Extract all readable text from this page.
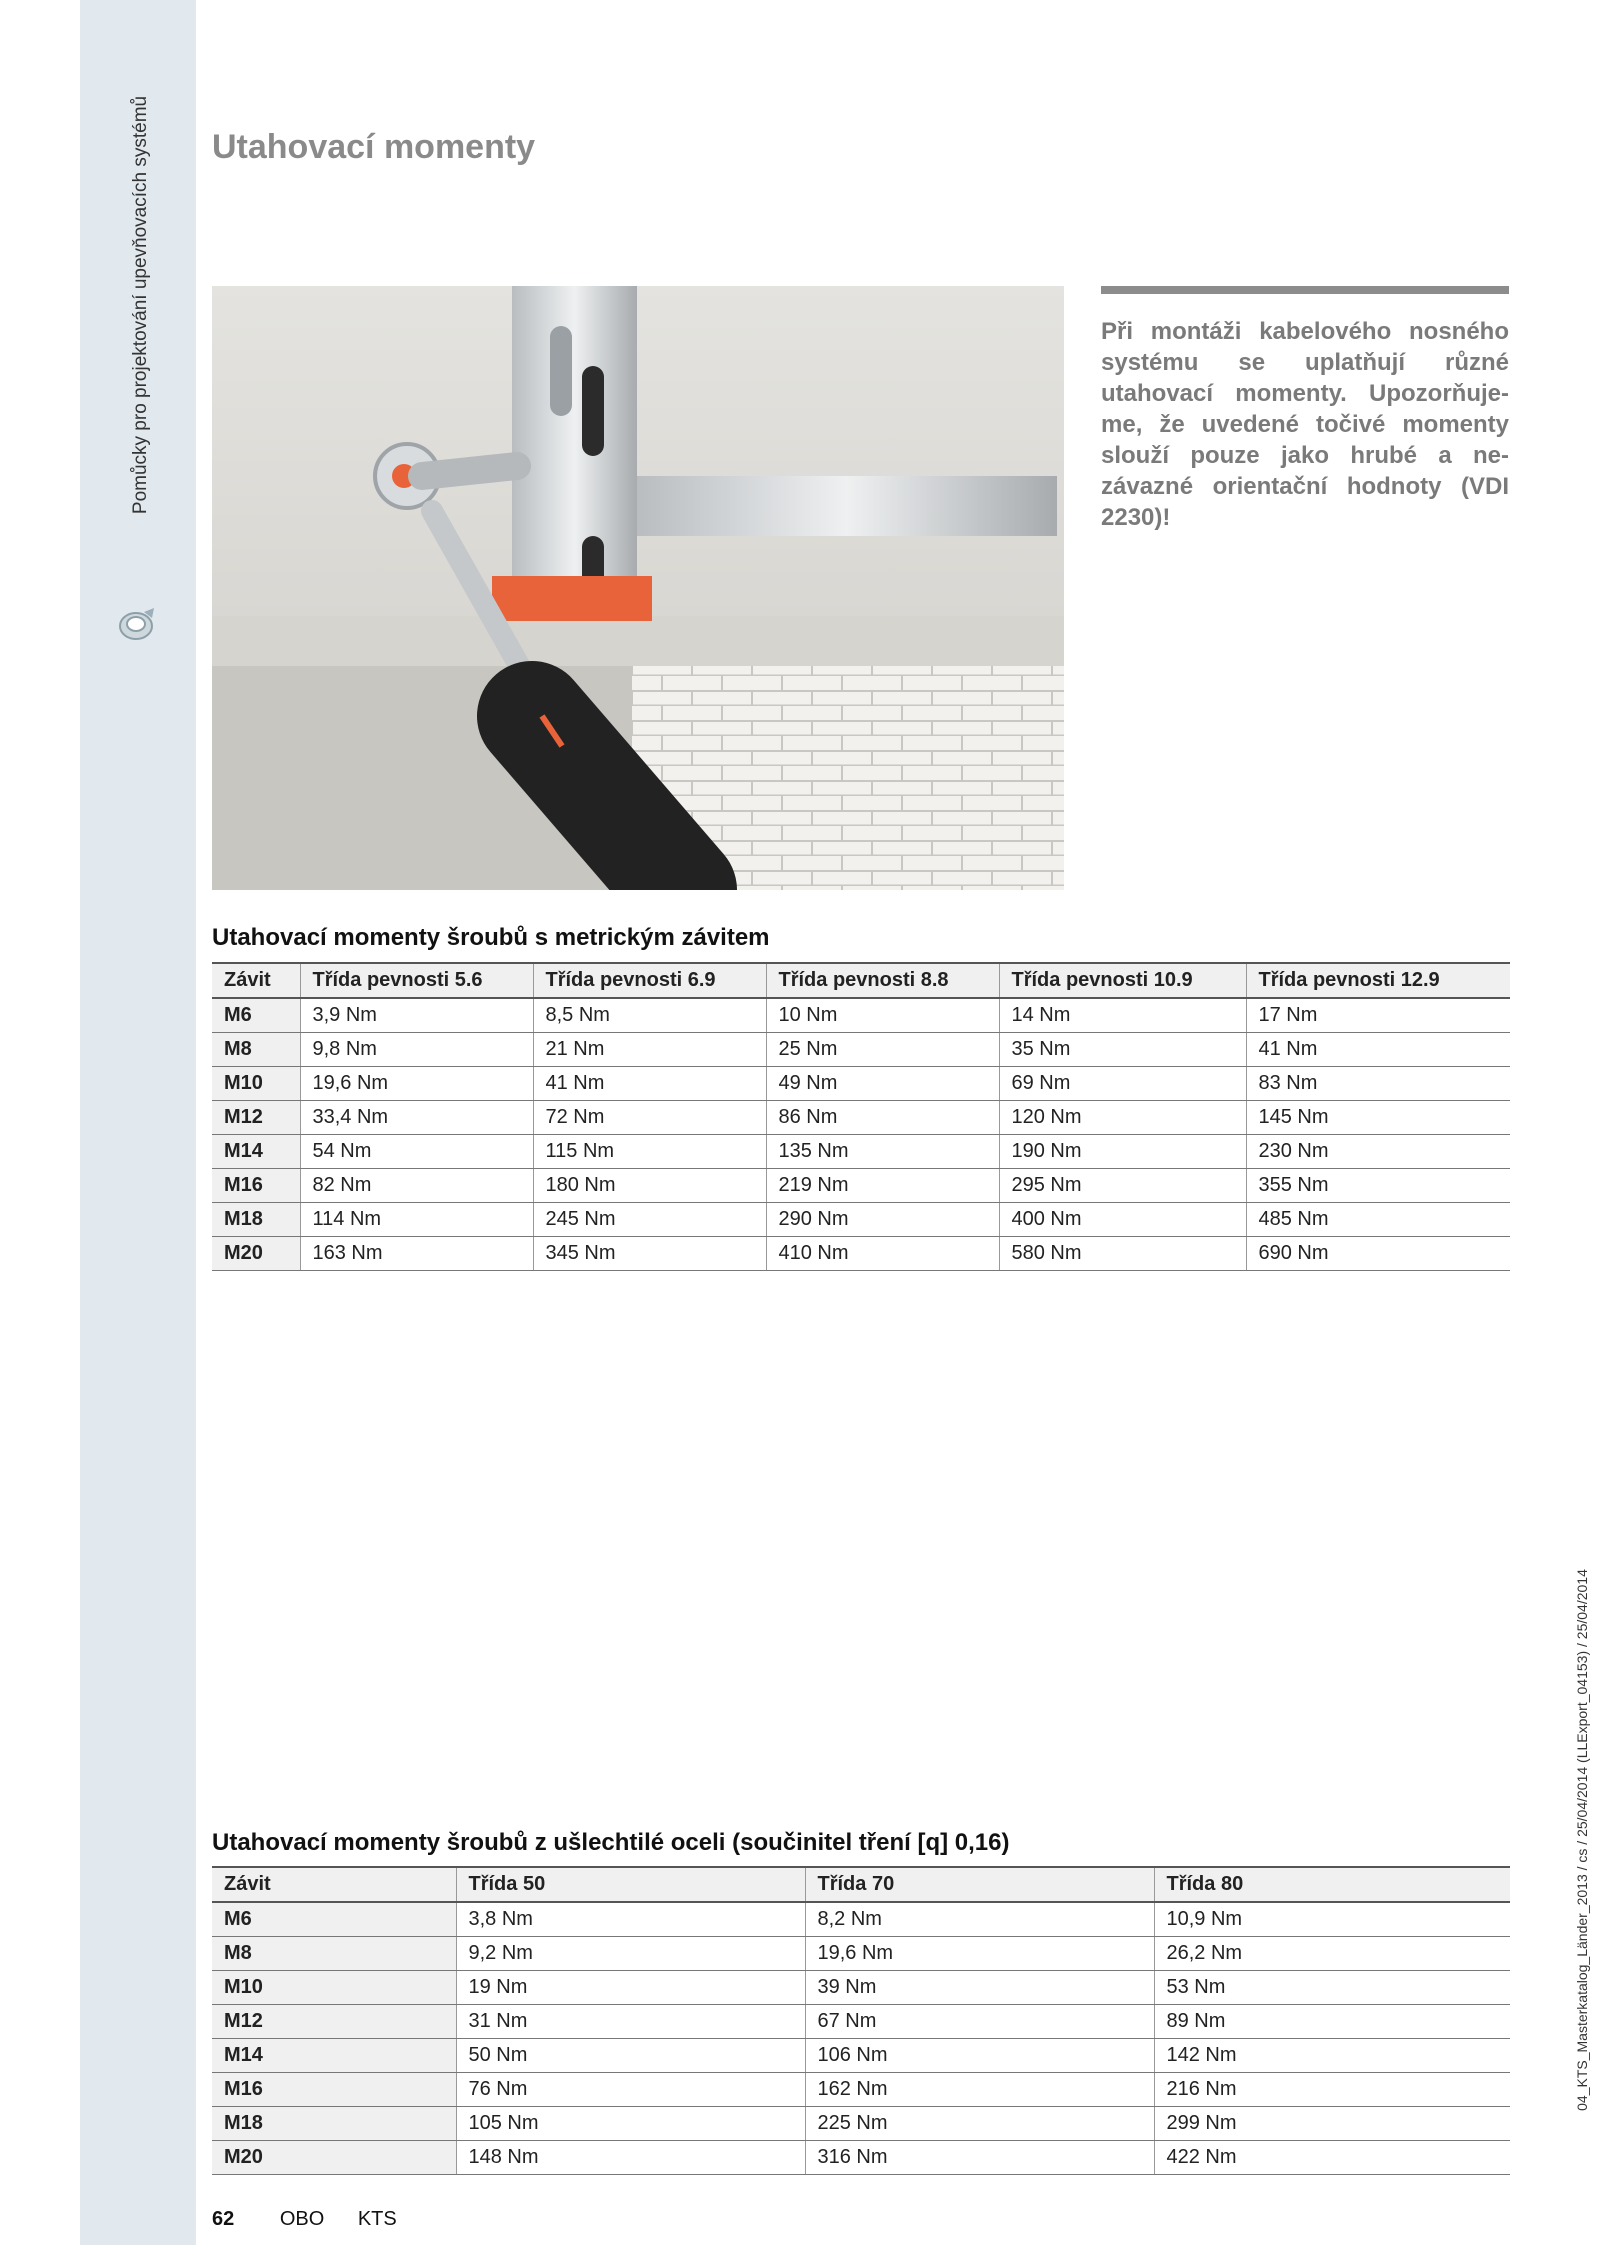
Pomůcky pro projektování upevňovacích systémů Utahovací momenty

Při montáži kabelového nosného systému se uplatňují různé utahovací momenty. Upozorňuje-me, že uvedené točivé momenty slouží pouze jako hrubé a ne-závazné orientační hodnoty (VDI 2230)!

Utahovací momenty šroubů s metrickým závitem
Závit	Třída pevnosti 5.6	Třída pevnosti 6.9	Třída pevnosti 8.8	Třída pevnosti 10.9	Třída pevnosti 12.9
M6	3,9 Nm	8,5 Nm	10 Nm	14 Nm	17 Nm
M8	9,8 Nm	21 Nm	25 Nm	35 Nm	41 Nm
M10	19,6 Nm	41 Nm	49 Nm	69 Nm	83 Nm
M12	33,4 Nm	72 Nm	86 Nm	120 Nm	145 Nm
M14	54 Nm	115 Nm	135 Nm	190 Nm	230 Nm
M16	82 Nm	180 Nm	219 Nm	295 Nm	355 Nm
M18	114 Nm	245 Nm	290 Nm	400 Nm	485 Nm
M20	163 Nm	345 Nm	410 Nm	580 Nm	690 Nm
Utahovací momenty šroubů z ušlechtilé oceli (součinitel tření [q] 0,16)
Závit	Třída 50	Třída 70	Třída 80
M6	3,8 Nm	8,2 Nm	10,9 Nm
M8	9,2 Nm	19,6 Nm	26,2 Nm
M10	19 Nm	39 Nm	53 Nm
M12	31 Nm	67 Nm	89 Nm
M14	50 Nm	106 Nm	142 Nm
M16	76 Nm	162 Nm	216 Nm
M18	105 Nm	225 Nm	299 Nm
M20	148 Nm	316 Nm	422 Nm
62 OBO KTS
04_KTS_Masterkatalog_Länder_2013 / cs / 25/04/2014 (LLExport_04153) / 25/04/2014
